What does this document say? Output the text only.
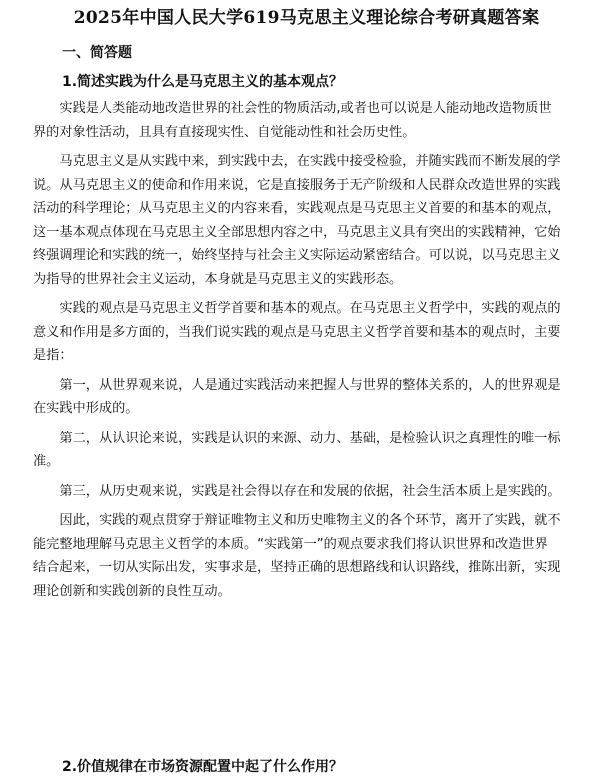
2025年中国人民大学619马克思主义理论综合考研真题答案
一、简答题
1.简述实践为什么是马克思主义的基本观点？

实践是人类能动地改造世界的社会性的物质活动,或者也可以说是人能动地改造物质世
界的对象性活动，且具有直接现实性、自觉能动性和社会历史性。

马克思主义是从实践中来，到实践中去，在实践中接受检验，并随实践而不断发展的学
说。从马克思主义的使命和作用来说，它是直接服务于无产阶级和人民群众改造世界的实践
活动的科学理论；从马克思主义的内容来看，实践观点是马克思主义首要的和基本的观点，
这一基本观点体现在马克思主义全部思想内容之中，马克思主义具有突出的实践精神，它始
终强调理论和实践的统一，始终坚持与社会主义实际运动紧密结合。可以说，以马克思主义
为指导的世界社会主义运动，本身就是马克思主义的实践形态。

实践的观点是马克思主义哲学首要和基本的观点。在马克思主义哲学中，实践的观点的
意义和作用是多方面的，当我们说实践的观点是马克思主义哲学首要和基本的观点时，主要
是指：

第一，从世界观来说，人是通过实践活动来把握人与世界的整体关系的，人的世界观是
在实践中形成的。

第二，从认识论来说，实践是认识的来源、动力、基础，是检验认识之真理性的唯一标
准。

第三，从历史观来说，实践是社会得以存在和发展的依据，社会生活本质上是实践的。

因此，实践的观点贯穿于辩证唯物主义和历史唯物主义的各个环节，离开了实践，就不
能完整地理解马克思主义哲学的本质。“实践第一”的观点要求我们将认识世界和改造世界
结合起来，一切从实际出发，实事求是，坚持正确的思想路线和认识路线，推陈出新，实现
理论创新和实践创新的良性互动。

2.价值规律在市场资源配置中起了什么作用？
